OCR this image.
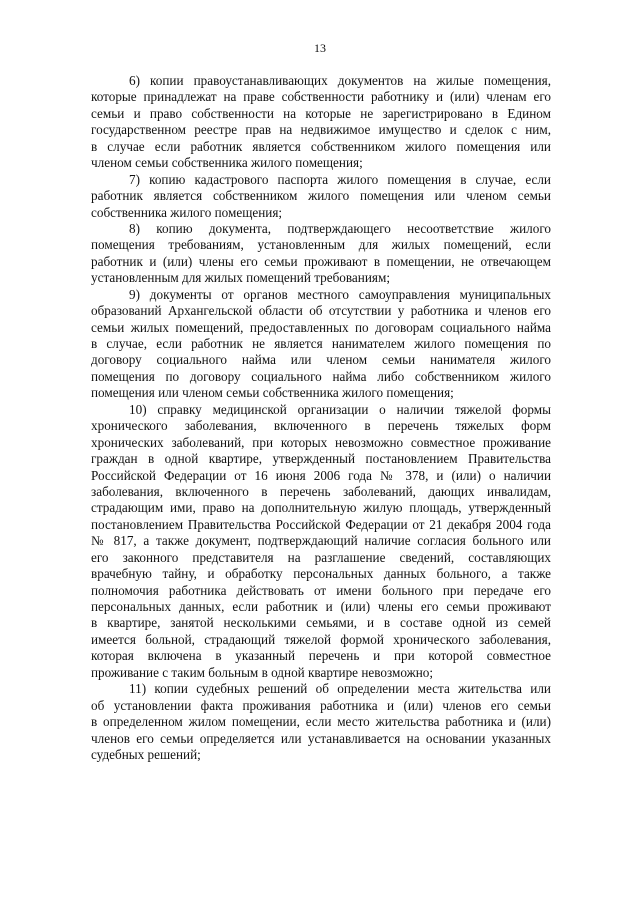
13
6) копии правоустанавливающих документов на жилые помещения,
которые принадлежат на праве собственности работнику и (или) членам его
семьи и право собственности на которые не зарегистрировано в Едином
государственном реестре прав на недвижимое имущество и сделок с ним,
в случае если работник является собственником жилого помещения или
членом семьи собственника жилого помещения;
7) копию кадастрового паспорта жилого помещения в случае, если
работник является собственником жилого помещения или членом семьи
собственника жилого помещения;
8) копию документа, подтверждающего несоответствие жилого
помещения требованиям, установленным для жилых помещений, если
работник и (или) члены его семьи проживают в помещении, не отвечающем
установленным для жилых помещений требованиям;
9) документы от органов местного самоуправления муниципальных
образований Архангельской области об отсутствии у работника и членов его
семьи жилых помещений, предоставленных по договорам социального найма
в случае, если работник не является нанимателем жилого помещения по
договору социального найма или членом семьи нанимателя жилого
помещения по договору социального найма либо собственником жилого
помещения или членом семьи собственника жилого помещения;
10) справку медицинской организации о наличии тяжелой формы
хронического заболевания, включенного в перечень тяжелых форм
хронических заболеваний, при которых невозможно совместное проживание
граждан в одной квартире, утвержденный постановлением Правительства
Российской Федерации от 16 июня 2006 года № 378, и (или) о наличии
заболевания, включенного в перечень заболеваний, дающих инвалидам,
страдающим ими, право на дополнительную жилую площадь, утвержденный
постановлением Правительства Российской Федерации от 21 декабря 2004 года
№ 817, а также документ, подтверждающий наличие согласия больного или
его законного представителя на разглашение сведений, составляющих
врачебную тайну, и обработку персональных данных больного, а также
полномочия работника действовать от имени больного при передаче его
персональных данных, если работник и (или) члены его семьи проживают
в квартире, занятой несколькими семьями, и в составе одной из семей
имеется больной, страдающий тяжелой формой хронического заболевания,
которая включена в указанный перечень и при которой совместное
проживание с таким больным в одной квартире невозможно;
11) копии судебных решений об определении места жительства или
об установлении факта проживания работника и (или) членов его семьи
в определенном жилом помещении, если место жительства работника и (или)
членов его семьи определяется или устанавливается на основании указанных
судебных решений;
